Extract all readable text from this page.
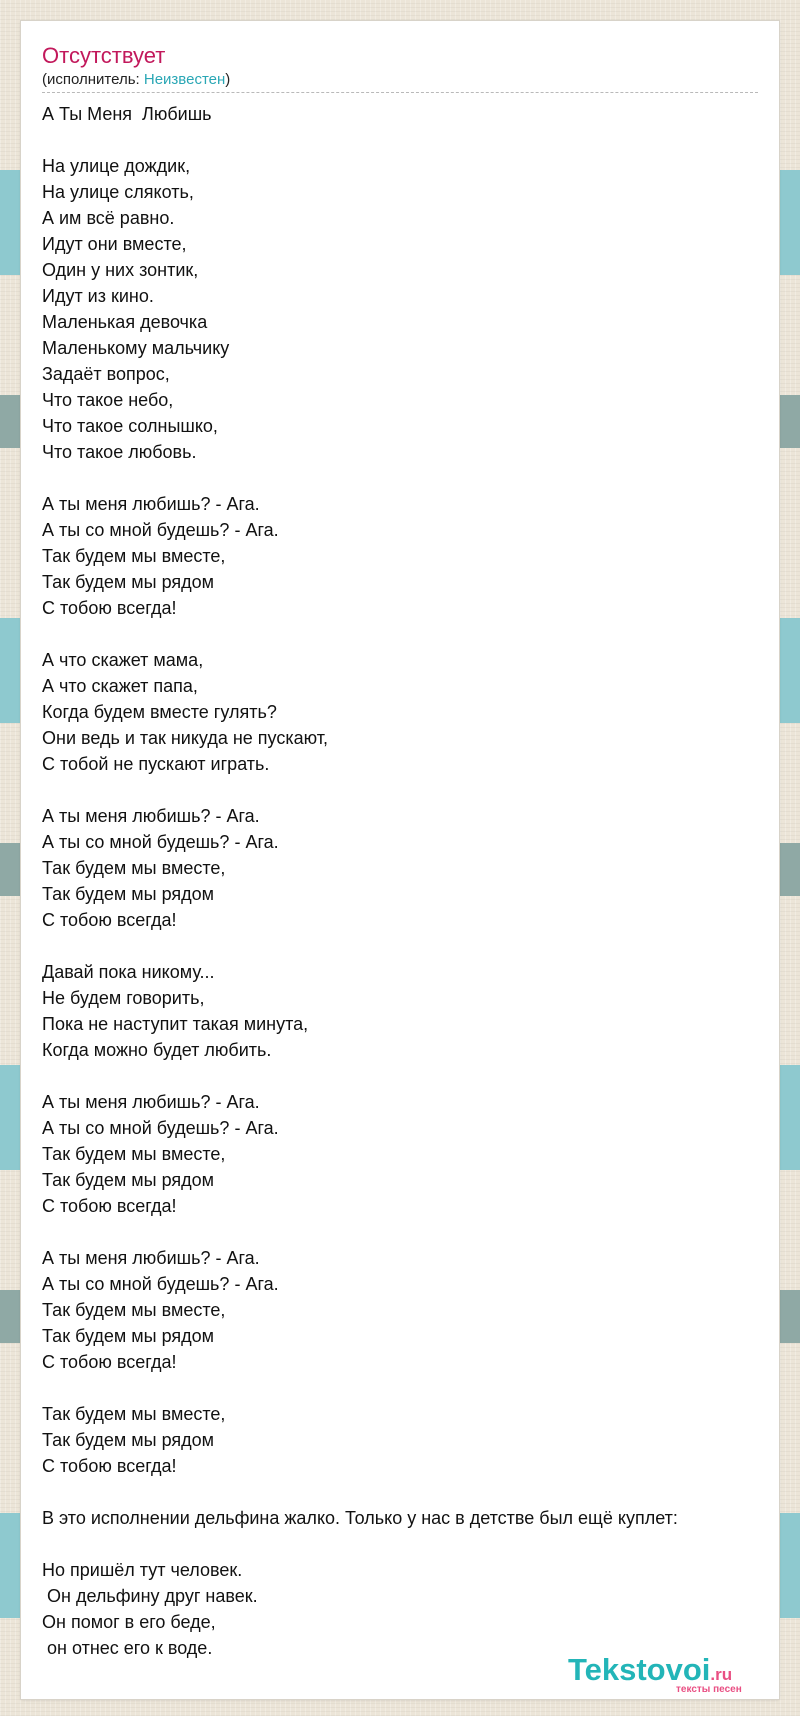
Отсутствует
(исполнитель: Неизвестен)
А Ты Меня  Любишь

На улице дождик,
На улице слякоть,
А им всё равно.
Идут они вместе,
Один у них зонтик,
Идут из кино.
Маленькая девочка
Маленькому мальчику
Задаёт вопрос,
Что такое небо,
Что такое солнышко,
Что такое любовь.

А ты меня любишь? - Ага.
А ты со мной будешь? - Ага.
Так будем мы вместе,
Так будем мы рядом
С тобою всегда!

А что скажет мама,
А что скажет папа,
Когда будем вместе гулять?
Они ведь и так никуда не пускают,
С тобой не пускают играть.

А ты меня любишь? - Ага.
А ты со мной будешь? - Ага.
Так будем мы вместе,
Так будем мы рядом
С тобою всегда!

Давай пока никому...
Не будем говорить,
Пока не наступит такая минута,
Когда можно будет любить.

А ты меня любишь? - Ага.
А ты со мной будешь? - Ага.
Так будем мы вместе,
Так будем мы рядом
С тобою всегда!

А ты меня любишь? - Ага.
А ты со мной будешь? - Ага.
Так будем мы вместе,
Так будем мы рядом
С тобою всегда!

Так будем мы вместе,
Так будем мы рядом
С тобою всегда!

В это исполнении дельфина жалко. Только у нас в детстве был ещё куплет:

Но пришёл тут человек.
Он дельфину друг навек.
Он помог в его беде,
он отнес его к воде.
Tekstovoi.ru
тексты песен
